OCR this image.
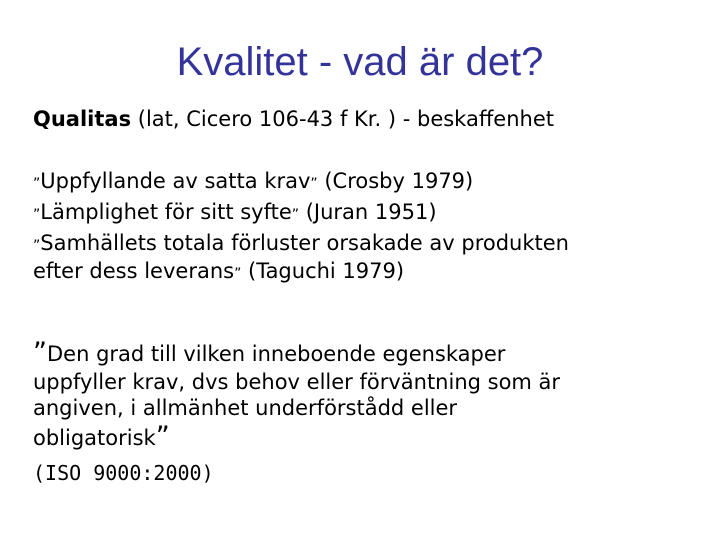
Kvalitet - vad är det?
Qualitas (lat, Cicero 106-43 f Kr. ) - beskaffenhet
”Uppfyllande av satta krav” (Crosby 1979)
”Lämplighet för sitt syfte” (Juran 1951)
”Samhällets totala förluster orsakade av produkten
efter dess leverans” (Taguchi 1979)
”Den grad till vilken inneboende egenskaper
uppfyller krav, dvs behov eller förväntning som är
angiven, i allmänhet underförstådd eller
obligatorisk”
(ISO 9000:2000)
